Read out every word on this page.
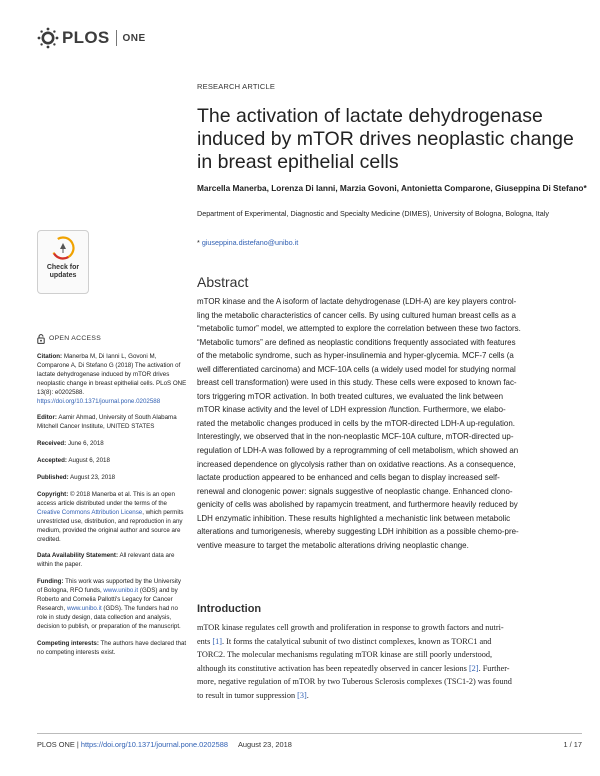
PLOS ONE
RESEARCH ARTICLE
The activation of lactate dehydrogenase induced by mTOR drives neoplastic change in breast epithelial cells
Marcella Manerba, Lorenza Di Ianni, Marzia Govoni, Antonietta Comparone, Giuseppina Di Stefano*
Department of Experimental, Diagnostic and Specialty Medicine (DIMES), University of Bologna, Bologna, Italy
* giuseppina.distefano@unibo.it
Check for
updates	Abstract
mTOR kinase and the A isoform of lactate dehydrogenase (LDH-A) are key players control-
ling the metabolic characteristics of cancer cells. By using cultured human breast cells as a
“metabolic tumor” model, we attempted to explore the correlation between these two factors.
“Metabolic tumors” are defined as neoplastic conditions frequently associated with features
of the metabolic syndrome, such as hyper-insulinemia and hyper-glycemia. MCF-7 cells (a
well differentiated carcinoma) and MCF-10A cells (a widely used model for studying normal
breast cell transformation) were used in this study. These cells were exposed to known fac-
tors triggering mTOR activation. In both treated cultures, we evaluated the link between
mTOR kinase activity and the level of LDH expression /function. Furthermore, we elabo-
rated the metabolic changes produced in cells by the mTOR-directed LDH-A up-regulation.
Interestingly, we observed that in the non-neoplastic MCF-10A culture, mTOR-directed up-
regulation of LDH-A was followed by a reprogramming of cell metabolism, which showed an
increased dependence on glycolysis rather than on oxidative reactions. As a consequence,
lactate production appeared to be enhanced and cells began to display increased self-
renewal and clonogenic power: signals suggestive of neoplastic change. Enhanced clono-
genicity of cells was abolished by rapamycin treatment, and furthermore heavily reduced by
LDH enzymatic inhibition. These results highlighted a mechanistic link between metabolic
alterations and tumorigenesis, whereby suggesting LDH inhibition as a possible chemo-pre-
ventive measure to target the metabolic alterations driving neoplastic change.
OPEN ACCESS

Citation: Manerba M, Di Ianni L, Govoni M, Comparone A, Di Stefano G (2018) The activation of lactate dehydrogenase induced by mTOR drives neoplastic change in breast epithelial cells. PLoS ONE 13(8): e0202588. https://doi.org/10.1371/journal.pone.0202588

Editor: Aamir Ahmad, University of South Alabama Mitchell Cancer Institute, UNITED STATES

Received: June 6, 2018

Accepted: August 6, 2018

Published: August 23, 2018

Copyright: © 2018 Manerba et al. This is an open access article distributed under the terms of the Creative Commons Attribution License, which permits unrestricted use, distribution, and reproduction in any medium, provided the original author and source are credited.

Data Availability Statement: All relevant data are within the paper.

Funding: This work was supported by the University of Bologna, RFO funds, www.unibo.it (GDS) and by Roberto and Cornelia Pallotti's Legacy for Cancer Research, www.unibo.it (GDS). The funders had no role in study design, data collection and analysis, decision to publish, or preparation of the manuscript.

Competing interests: The authors have declared that no competing interests exist.

Introduction
mTOR kinase regulates cell growth and proliferation in response to growth factors and nutri-
ents [1]. It forms the catalytical subunit of two distinct complexes, known as TORC1 and
TORC2. The molecular mechanisms regulating mTOR kinase are still poorly understood,
although its constitutive activation has been repeatedly observed in cancer lesions [2]. Further-
more, negative regulation of mTOR by two Tuberous Sclerosis complexes (TSC1-2) was found
to result in tumor suppression [3].
PLOS ONE | https://doi.org/10.1371/journal.pone.0202588 August 23, 2018	1 / 17
